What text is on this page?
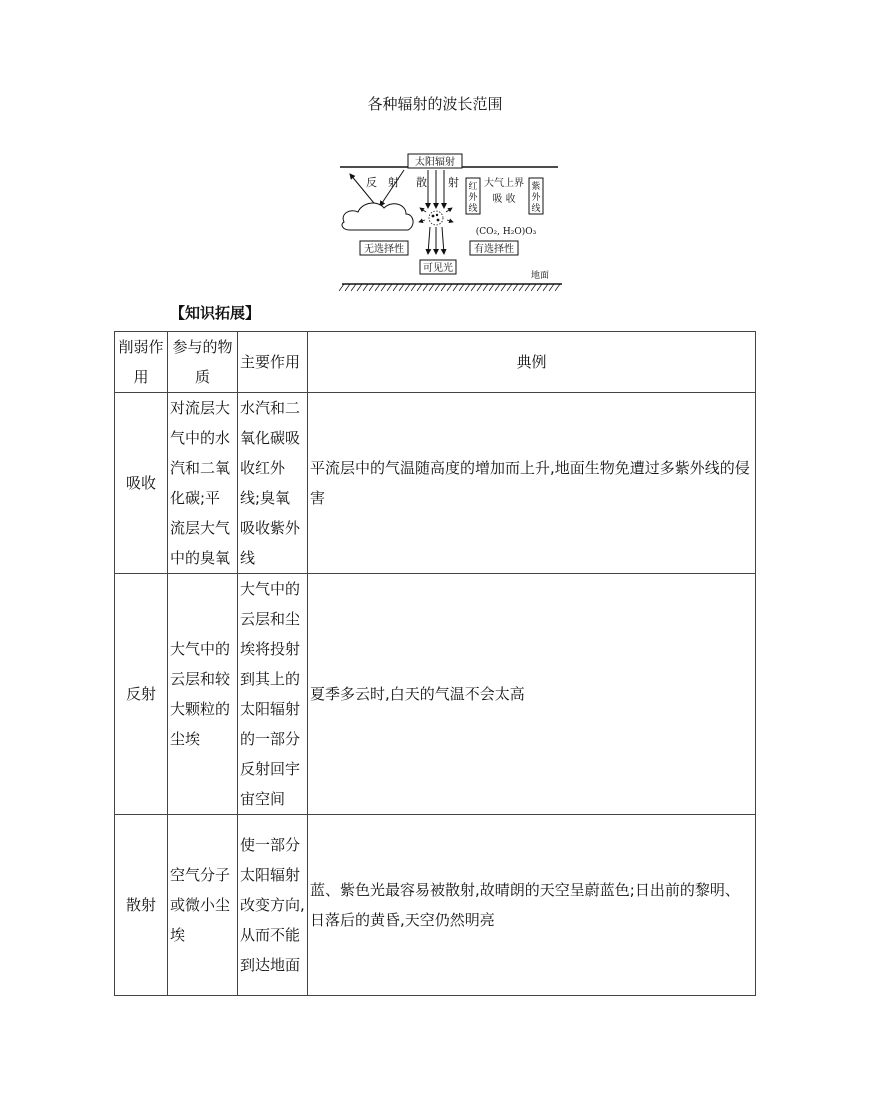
各种辐射的波长范围
太阳辐射
反 射 散 射
无选择性
可见光
红
外
线
大气上界
吸 收
紫
外
线
(CO₂, H₂O)O₃
有选择性
地面
【知识拓展】
削弱作用	参与的物质	主要作用	典例
吸收	对流层大气中的水汽和二氧化碳;平流层大气中的臭氧	水汽和二氧化碳吸收红外线;臭氧吸收紫外线	平流层中的气温随高度的增加而上升,地面生物免遭过多紫外线的侵害
反射	大气中的云层和较大颗粒的尘埃	大气中的云层和尘埃将投射到其上的太阳辐射的一部分反射回宇宙空间	夏季多云时,白天的气温不会太高
散射	空气分子或微小尘埃	使一部分太阳辐射改变方向,从而不能到达地面	蓝、紫色光最容易被散射,故晴朗的天空呈蔚蓝色;日出前的黎明、日落后的黄昏,天空仍然明亮
